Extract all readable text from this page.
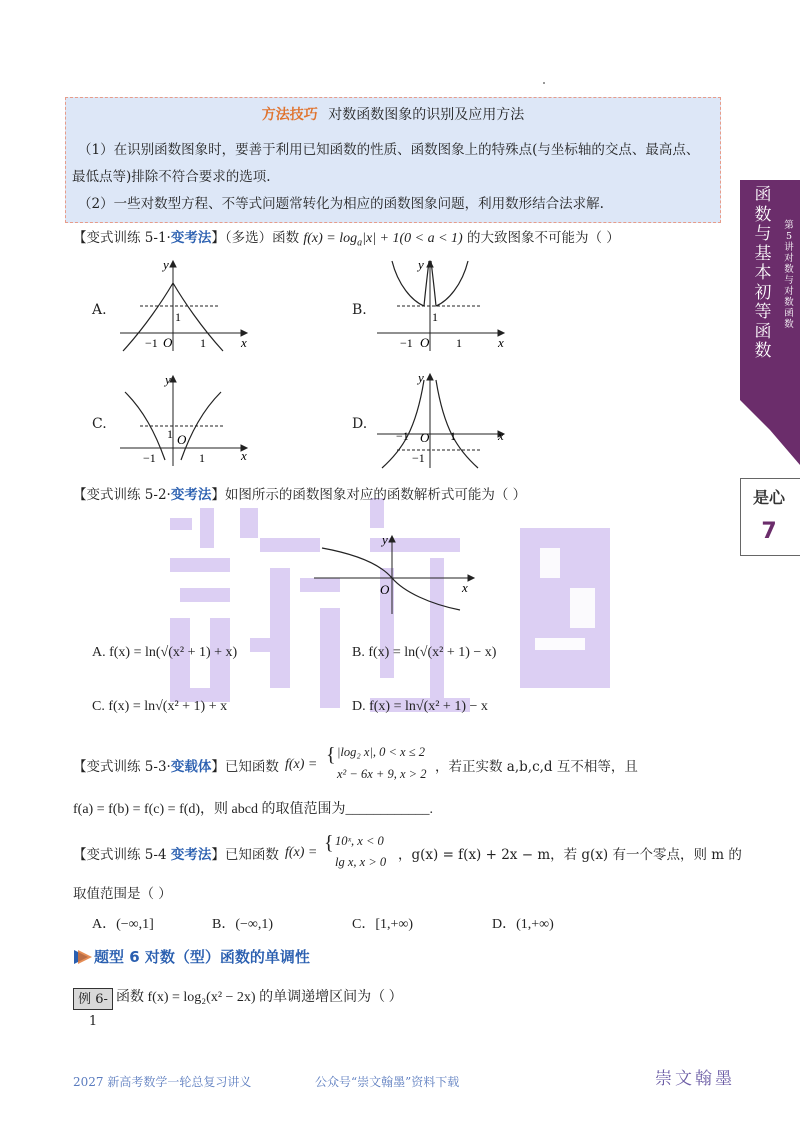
方法技巧 对数函数图象的识别及应用方法
（1）在识别函数图象时，要善于利用已知函数的性质、函数图象上的特殊点(与坐标轴的交点、最高点、
最低点等)排除不符合要求的选项.
（2）一些对数型方程、不等式问题常转化为相应的函数图象问题，利用数形结合法求解.	函数与基本初等函数
第5讲 对数与对数函数
是心
7
【变式训练 5-1·变考法】（多选）函数 $f(x) = \log_a|x| + 1(0 < a < 1)$ 的大致图象不可能为（ ）
A.	B.
C.	D.
y
x
O
1
−1	1
y
x
O
1
−1	1
y
x
O
1
−1	1
y
x
O
−1	1
−1
【变式训练 5-2·变考法】如图所示的函数图象对应的函数解析式可能为（ ）
y
x
O
A. f(x) = ln(√(x² + 1) + x)	B. f(x) = ln(√(x² + 1) − x)
C. f(x) = ln√(x² + 1) + x	D. f(x) = ln√(x² + 1) − x
【变式训练 5-3·变载体】已知函数 f(x) = { |log₂ x|, 0 < x ≤ 2
x² − 6x + 9, x > 2 ，若正实数 a,b,c,d 互不相等，且
f(a) = f(b) = f(c) = f(d)，则 abcd 的取值范围为____________.
【变式训练 5-4 变考法】已知函数 f(x) = { 10ˣ, x < 0
lg x, x > 0 ，g(x) = f(x) + 2x − m，若 g(x) 有一个零点，则 m 的
取值范围是（ ）
A．(−∞,1]	B．(−∞,1)	C．[1,+∞)	D．(1,+∞)
题型 6 对数（型）函数的单调性
例 6-1
函数 f(x) = log₂(x² − 2x) 的单调递增区间为（ ）
2027 新高考数学一轮总复习讲义	公众号“崇文翰墨”资料下载	崇文翰墨
